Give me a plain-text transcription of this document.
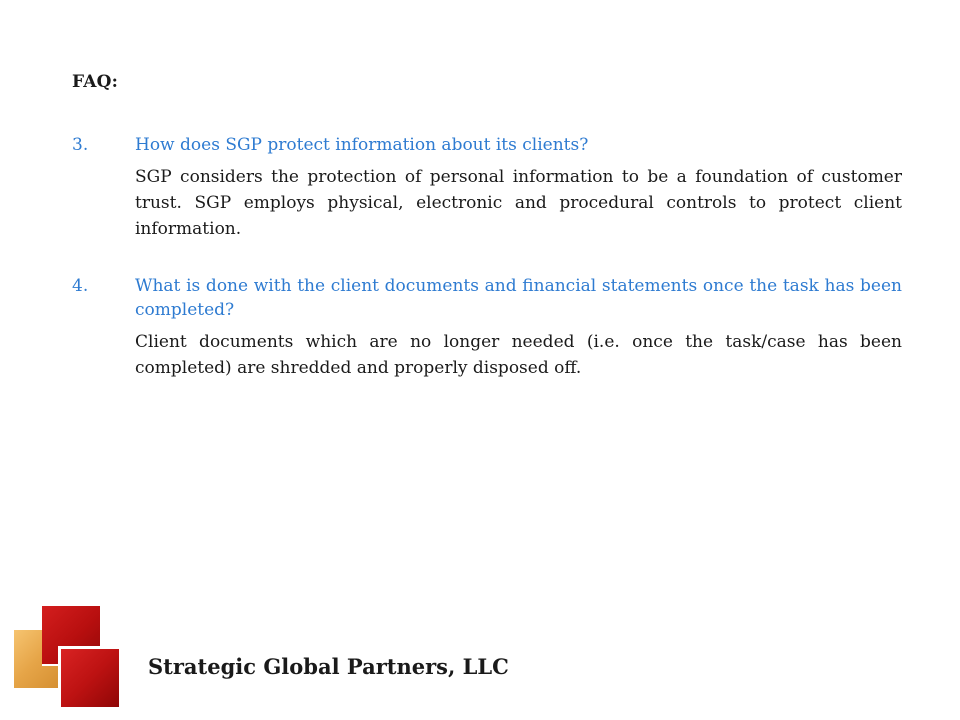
FAQ:
3.	How does SGP protect information about its clients?
SGP considers the protection of personal information to be a foundation of customer trust. SGP employs physical, electronic and procedural controls to protect client information.
4.	What is done with the client documents and financial statements once the task has been completed?
Client documents which are no longer needed (i.e. once the task/case has been completed) are shredded and properly disposed off.
Strategic Global Partners, LLC
